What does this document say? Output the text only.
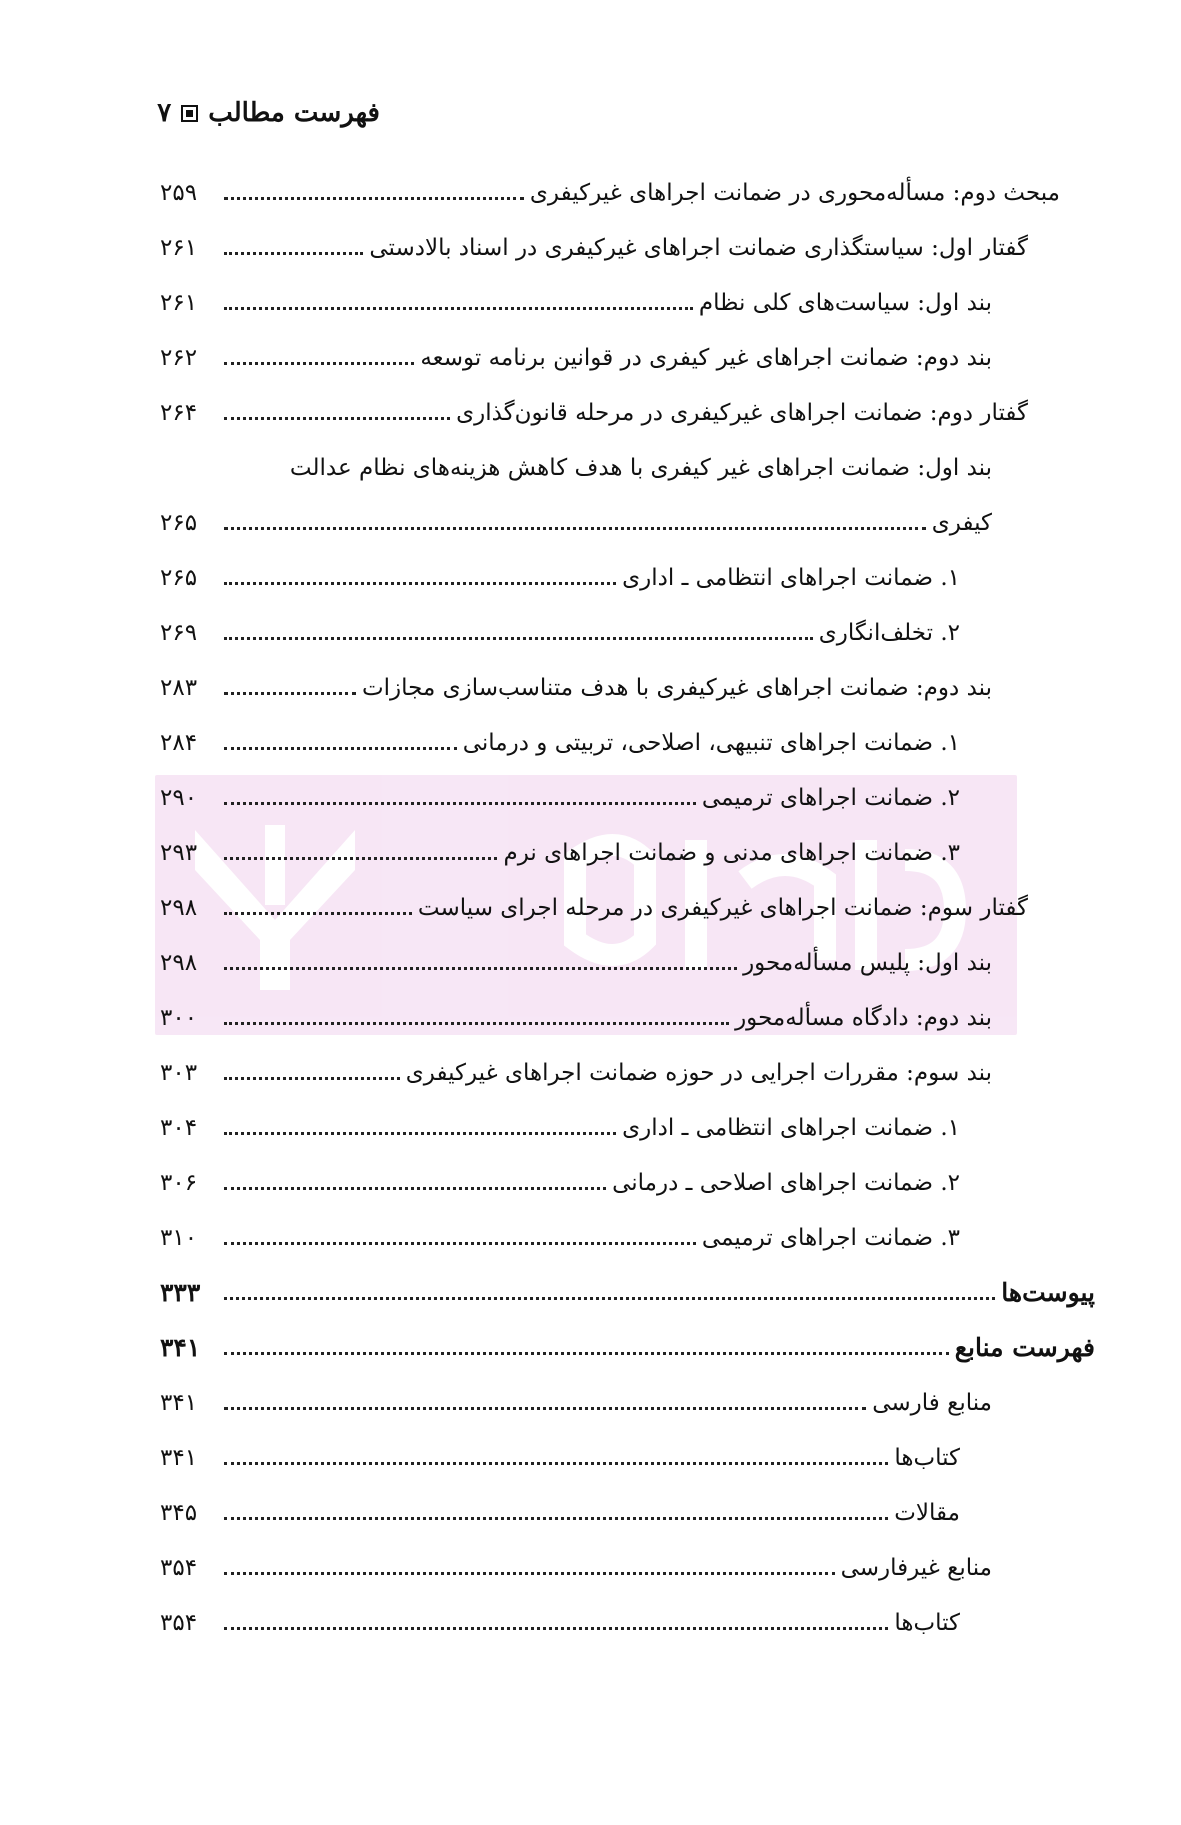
فهرست مطالب
۷
مبحث دوم: مسأله‌محوری در ضمانت اجراهای غیرکیفری
۲۵۹
گفتار اول: سیاستگذاری ضمانت اجراهای غیرکیفری در اسناد بالادستی
۲۶۱
بند اول: سیاست‌های کلی نظام
۲۶۱
بند دوم: ضمانت اجراهای غیر کیفری در قوانین برنامه توسعه
۲۶۲
گفتار دوم: ضمانت اجراهای غیرکیفری در مرحله قانون‌گذاری
۲۶۴
بند اول: ضمانت اجراهای غیر کیفری با هدف کاهش هزینه‌های نظام عدالت
کیفری
۲۶۵
۱. ضمانت اجراهای انتظامی ـ اداری
۲۶۵
۲. تخلف‌انگاری
۲۶۹
بند دوم: ضمانت اجراهای غیرکیفری با هدف متناسب‌سازی مجازات
۲۸۳
۱. ضمانت اجراهای تنبیهی، اصلاحی، تربیتی و درمانی
۲۸۴
۲. ضمانت اجراهای ترمیمی
۲۹۰
۳. ضمانت اجراهای مدنی و ضمانت اجراهای نرم
۲۹۳
گفتار سوم: ضمانت اجراهای غیرکیفری در مرحله اجرای سیاست
۲۹۸
بند اول: پلیس مسأله‌محور
۲۹۸
بند دوم: دادگاه مسأله‌محور
۳۰۰
بند سوم: مقررات اجرایی در حوزه ضمانت اجراهای غیرکیفری
۳۰۳
۱. ضمانت اجراهای انتظامی ـ اداری
۳۰۴
۲. ضمانت اجراهای اصلاحی ـ درمانی
۳۰۶
۳. ضمانت اجراهای ترمیمی
۳۱۰
پیوست‌ها
۳۳۳
فهرست منابع
۳۴۱
منابع فارسی
۳۴۱
کتاب‌ها
۳۴۱
مقالات
۳۴۵
منابع غیرفارسی
۳۵۴
کتاب‌ها
۳۵۴
